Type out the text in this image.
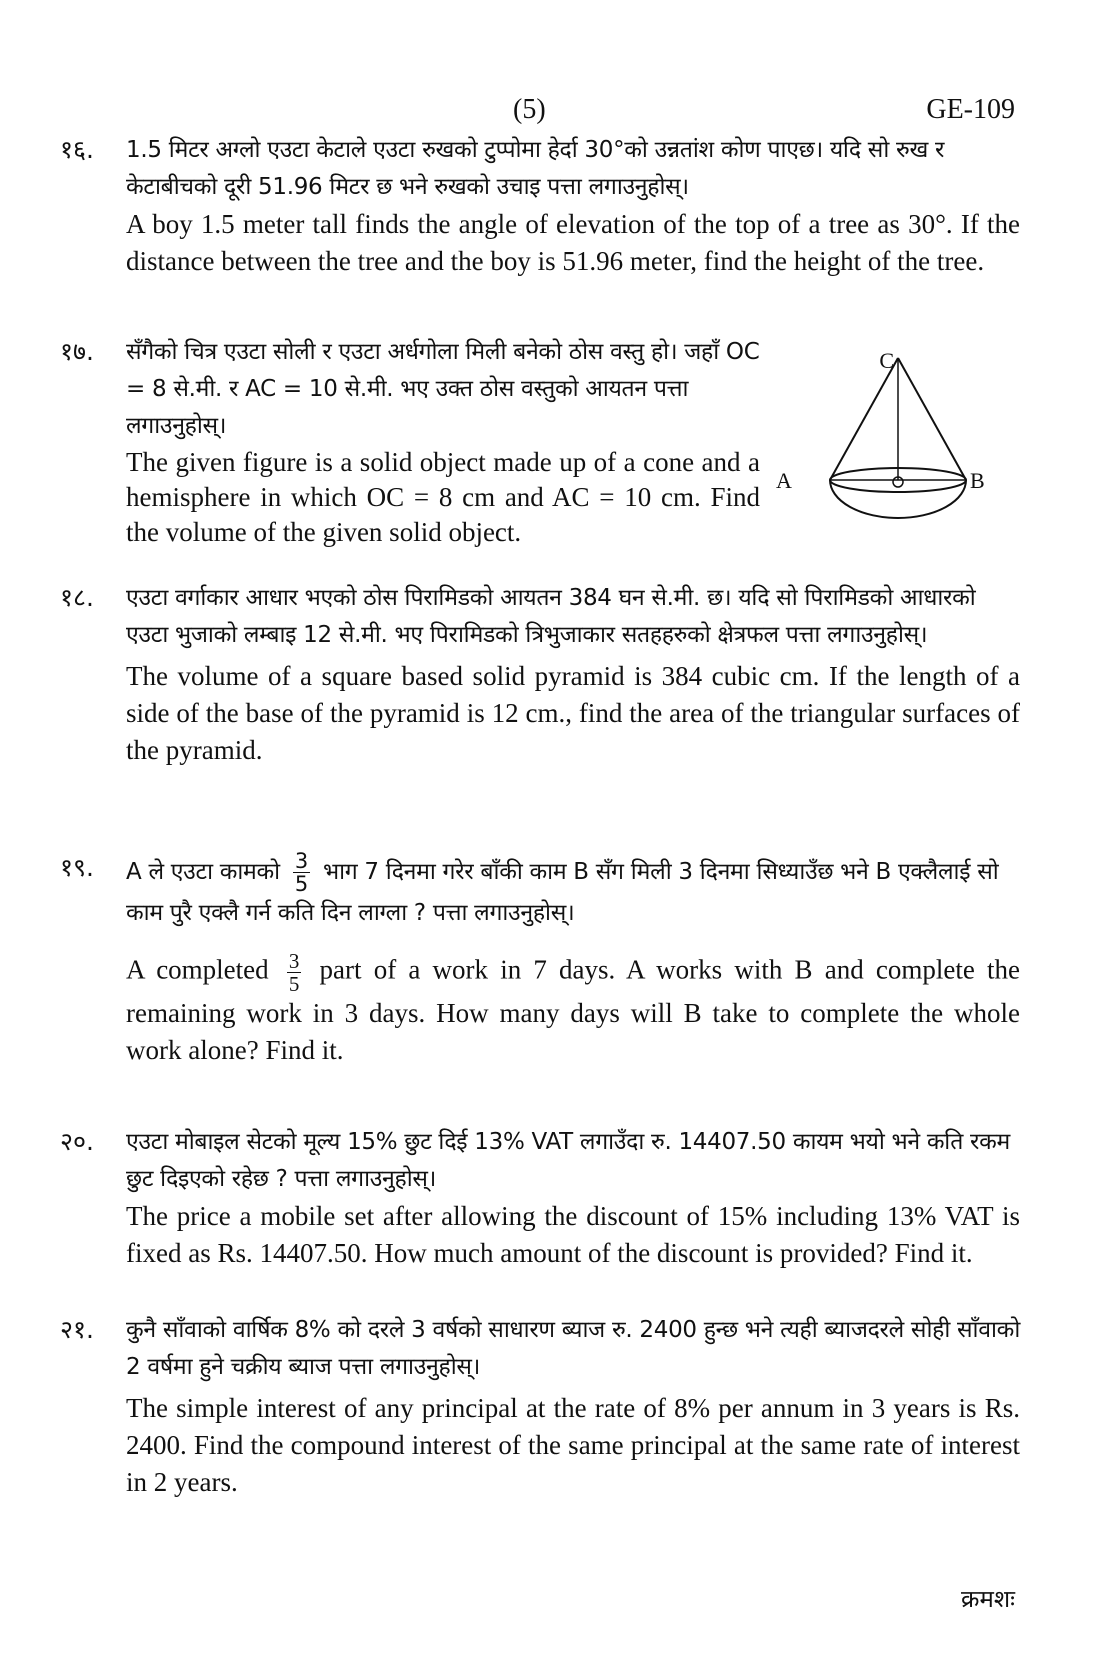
(5)	GE-109
१६.	1.5 मिटर अग्लो एउटा केटाले एउटा रुखको टुप्पोमा हेर्दा 30°को उन्नतांश कोण पाएछ। यदि सो रुख र केटाबीचको दूरी 51.96 मिटर छ भने रुखको उचाइ पत्ता लगाउनुहोस्।
A boy 1.5 meter tall finds the angle of elevation of the top of a tree as 30°. If the distance between the tree and the boy is 51.96 meter, find the height of the tree.
१७.	सँगैको चित्र एउटा सोली र एउटा अर्धगोला मिली बनेको ठोस वस्तु हो। जहाँ OC = 8 से.मी. र AC = 10 से.मी. भए उक्त ठोस वस्तुको आयतन पत्ता लगाउनुहोस्।
The given figure is a solid object made up of a cone and a hemisphere in which OC = 8 cm and AC = 10 cm. Find the volume of the given solid object.
C
A	B
१८.	एउटा वर्गाकार आधार भएको ठोस पिरामिडको आयतन 384 घन से.मी. छ। यदि सो पिरामिडको आधारको एउटा भुजाको लम्बाइ 12 से.मी. भए पिरामिडको त्रिभुजाकार सतहहरुको क्षेत्रफल पत्ता लगाउनुहोस्।
The volume of a square based solid pyramid is 384 cubic cm. If the length of a side of the base of the pyramid is 12 cm., find the area of the triangular surfaces of the pyramid.
१९.	A ले एउटा कामको $\frac{3}{5}$ भाग 7 दिनमा गरेर बाँकी काम B सँग मिली 3 दिनमा सिध्याउँछ भने B एक्लैलाई सो काम पुरै एक्लै गर्न कति दिन लाग्ला ? पत्ता लगाउनुहोस्।
A completed $\frac{3}{5}$ part of a work in 7 days. A works with B and complete the remaining work in 3 days. How many days will B take to complete the whole work alone? Find it.
२०.	एउटा मोबाइल सेटको मूल्य 15% छुट दिई 13% VAT लगाउँदा रु. 14407.50 कायम भयो भने कति रकम छुट दिइएको रहेछ ? पत्ता लगाउनुहोस्।
The price a mobile set after allowing the discount of 15% including 13% VAT is fixed as Rs. 14407.50. How much amount of the discount is provided? Find it.
२१.	कुनै साँवाको वार्षिक 8% को दरले 3 वर्षको साधारण ब्याज रु. 2400 हुन्छ भने त्यही ब्याजदरले सोही साँवाको 2 वर्षमा हुने चक्रीय ब्याज पत्ता लगाउनुहोस्।
The simple interest of any principal at the rate of 8% per annum in 3 years is Rs. 2400. Find the compound interest of the same principal at the same rate of interest in 2 years.
क्रमशः
